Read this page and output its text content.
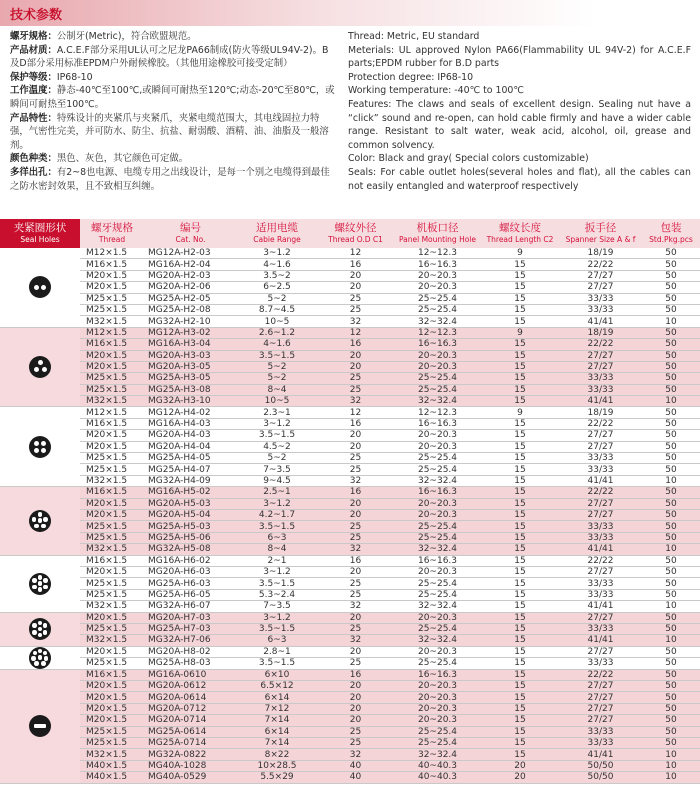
技术参数

螺牙规格：公制牙(Metric)，符合欧盟规范。

产品材质：A.C.E.F部分采用UL认可之尼龙PA66制成(防火等级UL94V-2)。B及D部分采用标准EPDM户外耐候橡胶。（其他用途橡胶可接受定制）

保护等级：IP68-10

工作温度：静态-40℃至100℃,或瞬间可耐热至120℃;动态-20℃至80℃，或瞬间可耐热至100℃。

产品特性：特殊设计的夹紧爪与夹紧爪，夹紧电缆范围大，其电线固拉力特强，气密性完美，并可防水、防尘、抗盐、耐弱酸、酒精、油、油脂及一般溶剂。

颜色种类：黑色、灰色，其它颜色可定做。

多徉出孔：有2~8也电源、电缆专用之出线设计，是每一个别之电缆得到最佳之防水密封效果，且不致相互纠缠。

Thread: Metric, EU standard

Meterials: UL approved Nylon PA66(Flammability UL 94V-2) for A.C.E.F parts;EPDM rubber for B.D parts

Protection degree: IP68-10

Working temperature: -40℃ to 100℃

Features: The claws and seals of excellent design. Sealing nut have a “click” sound and re-open, can hold cable firmly and have a wider cable range. Resistant to salt water, weak acid, alcohol, oil, grease and common solvency.

Color: Black and gray( Special colors customizable)

Seals: For cable outlet holes(several holes and flat), all the cables can not easily entangled and waterproof respectively

夹紧圈形状
Seal Holes

螺牙规格
Thread

编号
Cat. No.

适用电缆
Cabie Range

螺纹外径
Thread O.D C1

机板口径
Panel Mounting Hole

螺纹长度
Thread Length C2

扳手径
Spanner Size A & f

包装
Std.Pkg.pcs
	M12×1.5	MG12A-H2-03	3~1.2	12	12~12.3	9	18/19	50
	M16×1.5	MG16A-H2-04	4~1.6	16	16~16.3	15	22/22	50
	M20×1.5	MG20A-H2-03	3.5~2	20	20~20.3	15	27/27	50
	M20×1.5	MG20A-H2-06	6~2.5	20	20~20.3	15	27/27	50
	M25×1.5	MG25A-H2-05	5~2	25	25~25.4	15	33/33	50
	M25×1.5	MG25A-H2-08	8.7~4.5	25	25~25.4	15	33/33	50
	M32×1.5	MG32A-H2-10	10~5	32	32~32.4	15	41/41	10

	M12×1.5	MG12A-H3-02	2.6~1.2	12	12~12.3	9	18/19	50
	M16×1.5	MG16A-H3-04	4~1.6	16	16~16.3	15	22/22	50
	M20×1.5	MG20A-H3-03	3.5~1.5	20	20~20.3	15	27/27	50
	M20×1.5	MG20A-H3-05	5~2	20	20~20.3	15	27/27	50
	M25×1.5	MG25A-H3-05	5~2	25	25~25.4	15	33/33	50
	M25×1.5	MG25A-H3-08	8~4	25	25~25.4	15	33/33	50
	M32×1.5	MG32A-H3-10	10~5	32	32~32.4	15	41/41	10

	M12×1.5	MG12A-H4-02	2.3~1	12	12~12.3	9	18/19	50
	M16×1.5	MG16A-H4-03	3~1.2	16	16~16.3	15	22/22	50
	M20×1.5	MG20A-H4-03	3.5~1.5	20	20~20.3	15	27/27	50
	M20×1.5	MG20A-H4-04	4.5~2	20	20~20.3	15	27/27	50
	M25×1.5	MG25A-H4-05	5~2	25	25~25.4	15	33/33	50
	M25×1.5	MG25A-H4-07	7~3.5	25	25~25.4	15	33/33	50
	M32×1.5	MG32A-H4-09	9~4.5	32	32~32.4	15	41/41	10

	M16×1.5	MG16A-H5-02	2.5~1	16	16~16.3	15	22/22	50
	M20×1.5	MG20A-H5-03	3~1.2	20	20~20.3	15	27/27	50
	M20×1.5	MG20A-H5-04	4.2~1.7	20	20~20.3	15	27/27	50
	M25×1.5	MG25A-H5-03	3.5~1.5	25	25~25.4	15	33/33	50
	M25×1.5	MG25A-H5-06	6~3	25	25~25.4	15	33/33	50
	M32×1.5	MG32A-H5-08	8~4	32	32~32.4	15	41/41	10

	M16×1.5	MG16A-H6-02	2~1	16	16~16.3	15	22/22	50
	M20×1.5	MG20A-H6-03	3~1.2	20	20~20.3	15	27/27	50
	M25×1.5	MG25A-H6-03	3.5~1.5	25	25~25.4	15	33/33	50
	M25×1.5	MG25A-H6-05	5.3~2.4	25	25~25.4	15	33/33	50
	M32×1.5	MG32A-H6-07	7~3.5	32	32~32.4	15	41/41	10

	M20×1.5	MG20A-H7-03	3~1.2	20	20~20.3	15	27/27	50
	M25×1.5	MG25A-H7-03	3.5~1.5	25	25~25.4	15	33/33	50
	M32×1.5	MG32A-H7-06	6~3	32	32~32.4	15	41/41	10

	M20×1.5	MG20A-H8-02	2.8~1	20	20~20.3	15	27/27	50
	M25×1.5	MG25A-H8-03	3.5~1.5	25	25~25.4	15	33/33	50

	M16×1.5	MG16A-0610	6×10	16	16~16.3	15	22/22	50
	M20×1.5	MG20A-0612	6.5×12	20	20~20.3	15	27/27	50
	M20×1.5	MG20A-0614	6×14	20	20~20.3	15	27/27	50
	M20×1.5	MG20A-0712	7×12	20	20~20.3	15	27/27	50
	M20×1.5	MG20A-0714	7×14	20	20~20.3	15	27/27	50
	M25×1.5	MG25A-0614	6×14	25	25~25.4	15	33/33	50
	M25×1.5	MG25A-0714	7×14	25	25~25.4	15	33/33	50
	M32×1.5	MG32A-0822	8×22	32	32~32.4	15	41/41	10
	M40×1.5	MG40A-1028	10×28.5	40	40~40.3	20	50/50	10
	M40×1.5	MG40A-0529	5.5×29	40	40~40.3	20	50/50	10
